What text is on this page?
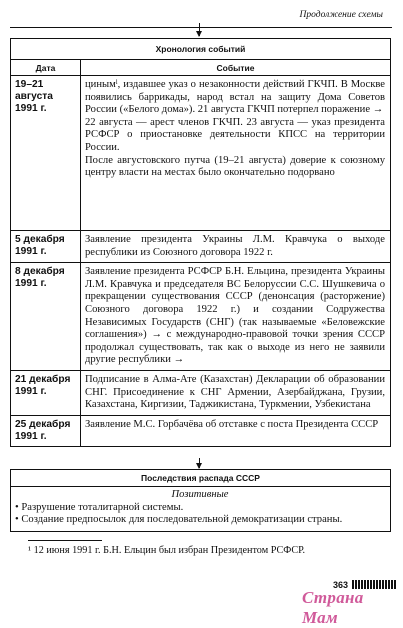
Продолжение схемы
Хронология событий
Дата	Событие
19–21 августа 1991 г.	цинымˡ, издавшее указ о незаконности действий ГКЧП. В Москве появились баррикады, народ встал на защиту Дома Советов России («Белого дома»). 21 августа ГКЧП потерпел поражение →

22 августа — арест членов ГКЧП. 23 августа — указ президента РСФСР о приостановке деятельности КПСС на территории России.

После августовского путча (19–21 августа) доверие к союзному центру власти на местах было окончательно подорвано

5 декабря 1991 г.	Заявление президента Украины Л.М. Кравчука о выходе республики из Союзного договора 1922 г.

8 декабря 1991 г.	Заявление президента РСФСР Б.Н. Ельцина, президента Украины Л.М. Кравчука и председателя ВС Белоруссии С.С. Шушкевича о прекращении существования СССР (денонсация (расторжение) Союзного договора 1922 г.) и создании Содружества Независимых Государств (СНГ) (так называемые «Беловежские соглашения») → с международно-правовой точки зрения СССР продолжал существовать, так как о выходе из него не заявили другие республики →

21 декабря 1991 г.	Подписание в Алма-Ате (Казахстан) Декларации об образовании СНГ. Присоединение к СНГ Армении, Азербайджана, Грузии, Казахстана, Киргизии, Таджикистана, Туркмении, Узбекистана

25 декабря 1991 г.	Заявление М.С. Горбачёва об отставке с поста Президента СССР

Последствия распада СССР
Позитивные
• Разрушение тоталитарной системы.
• Создание предпосылок для последовательной демократизации страны.
¹ 12 июня 1991 г. Б.Н. Ельцин был избран Президентом РСФСР.
363
Страна Мам
